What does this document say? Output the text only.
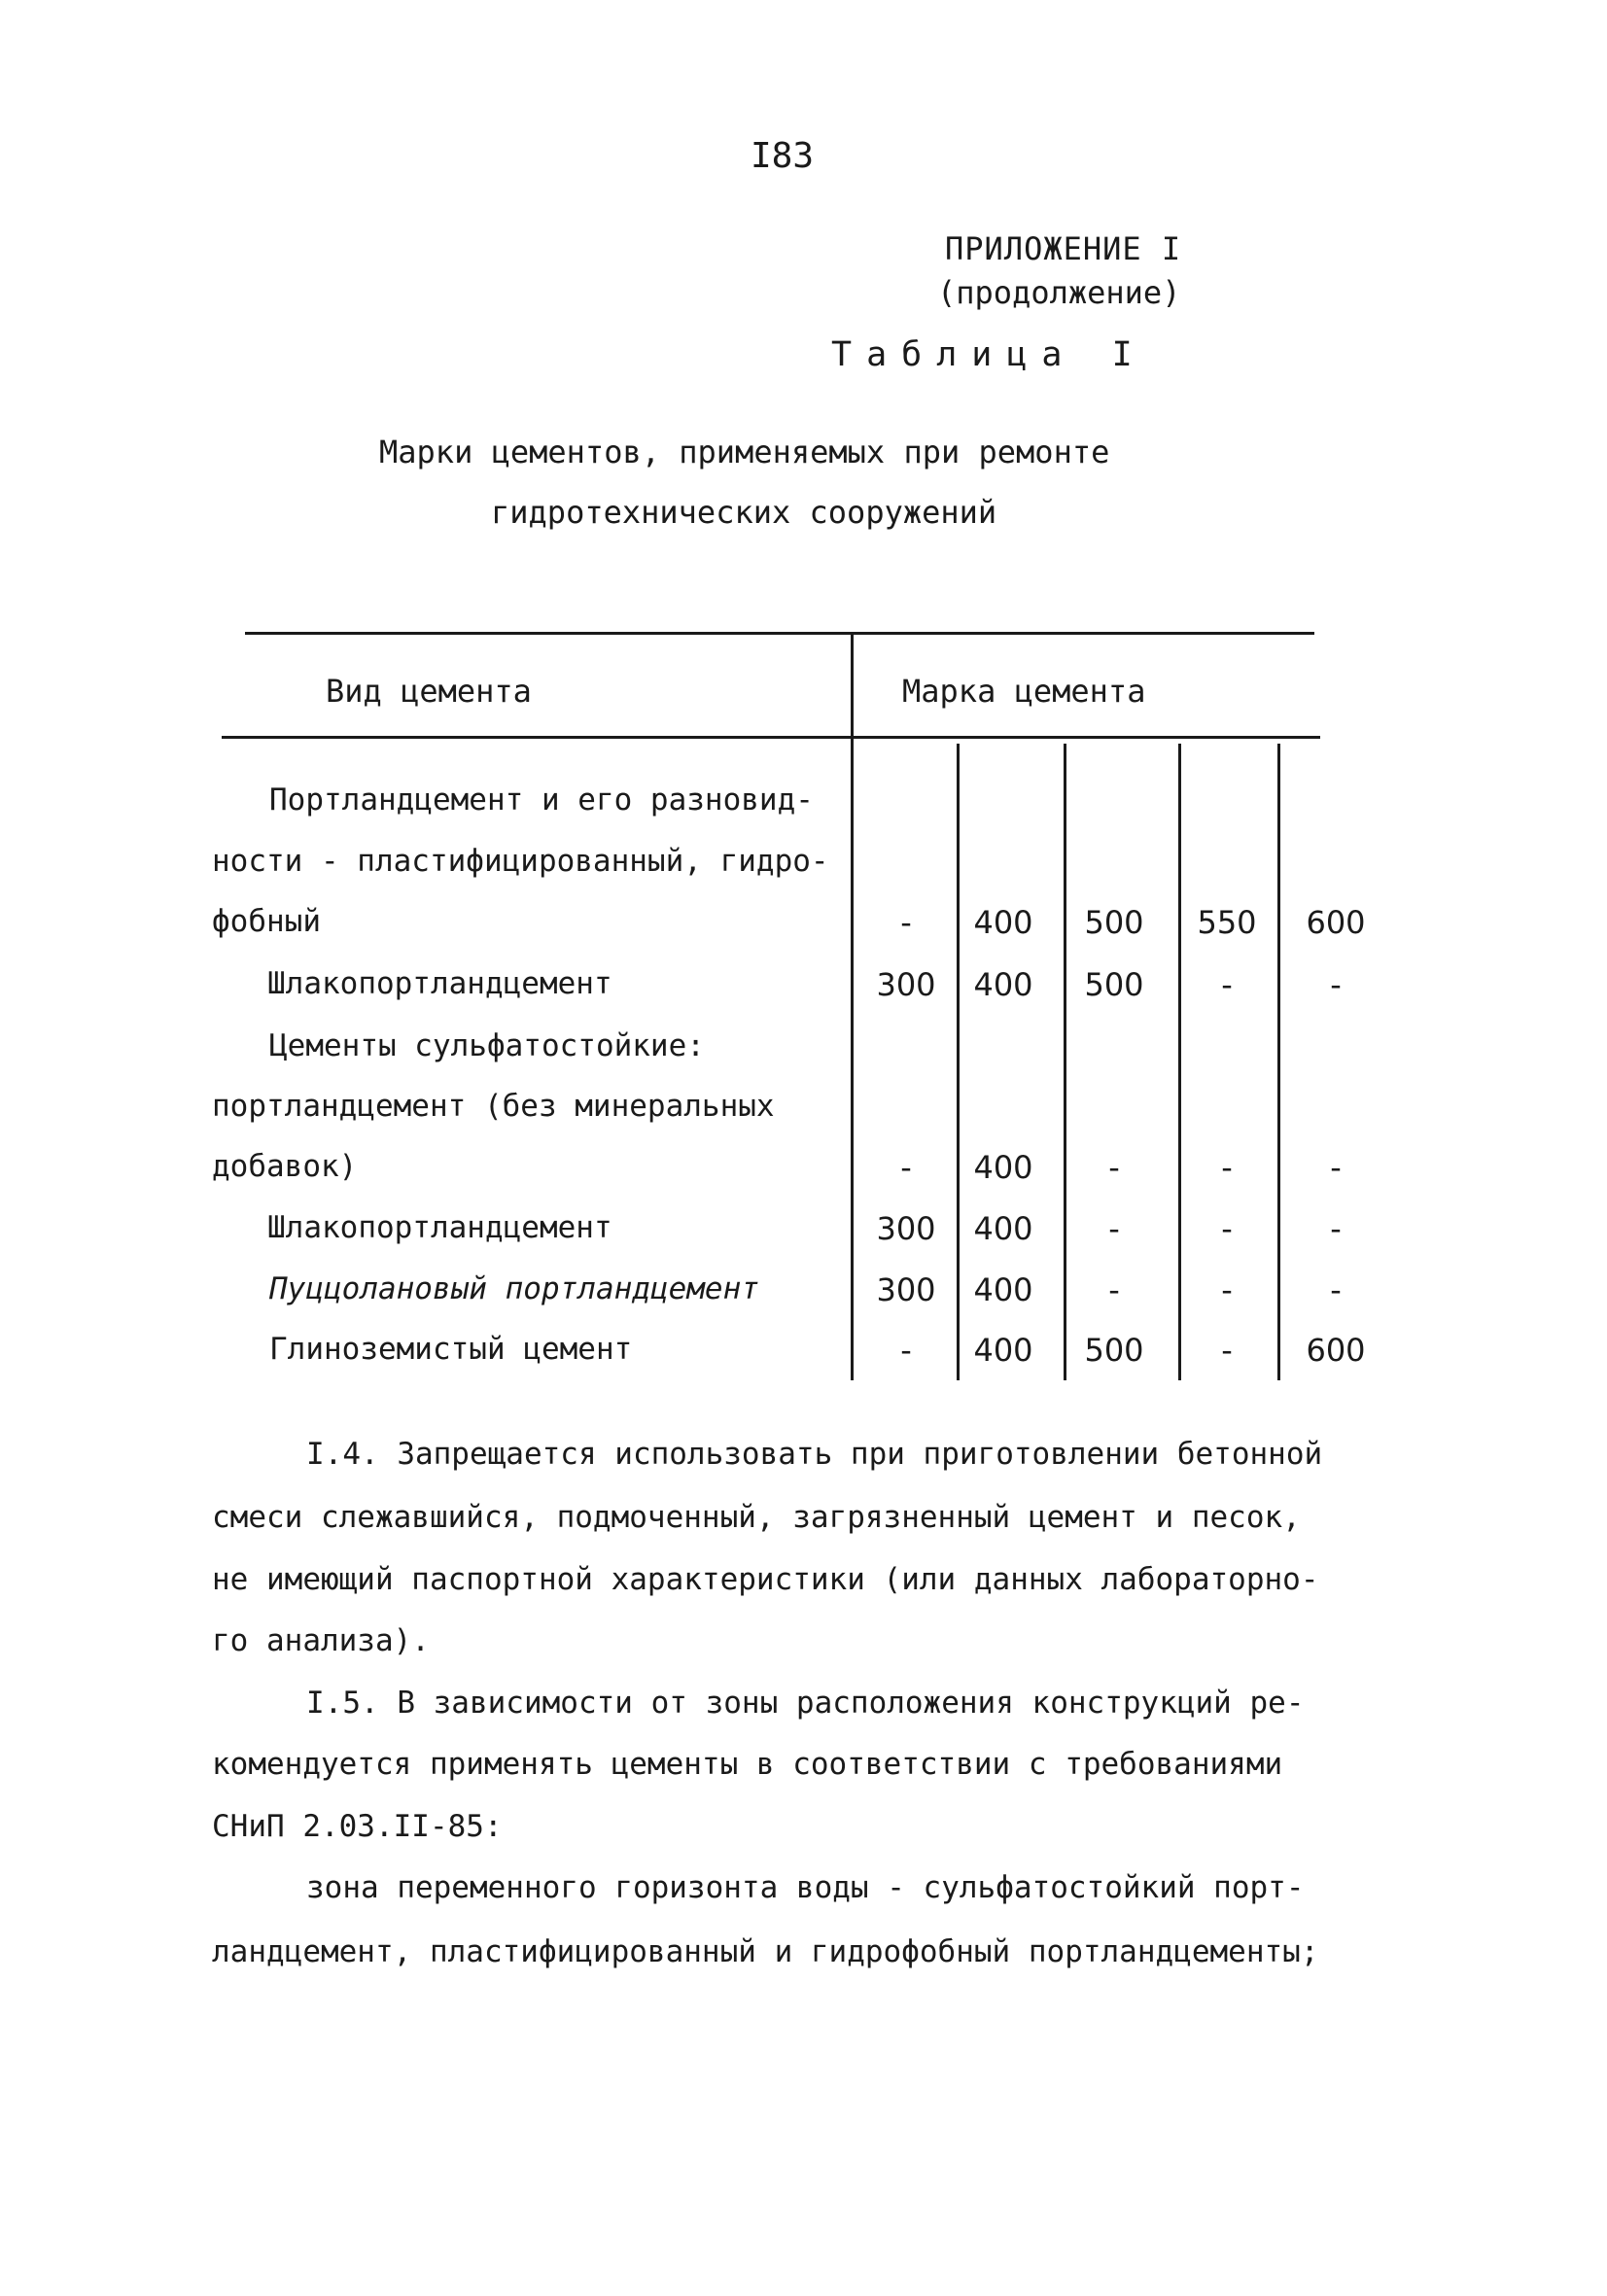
I83
ПРИЛОЖЕНИЕ I
(продолжение)
Таблица I
Марки цементов, применяемых при ремонте
гидротехнических сооружений
Вид цемента	Марка цемента
Портландцемент и его разновид-
ности - пластифицированный, гидро-
фобный	-	400	500	550	600
Шлакопортландцемент	300	400	500	-	-
Цементы сульфатостойкие:
портландцемент (без минеральных
добавок)	-	400	-	-	-
Шлакопортландцемент	300	400	-	-	-
Пуццолановый портландцемент	300	400	-	-	-
Глиноземистый цемент	-	400	500	-	600
I.4. Запрещается использовать при приготовлении бетонной
смеси слежавшийся, подмоченный, загрязненный цемент и песок,
не имеющий паспортной характеристики (или данных лабораторно-
го анализа).
I.5. В зависимости от зоны расположения конструкций ре-
комендуется применять цементы в соответствии с требованиями
СНиП 2.03.II-85:
зона переменного горизонта воды - сульфатостойкий порт-
ландцемент, пластифицированный и гидрофобный портландцементы;
